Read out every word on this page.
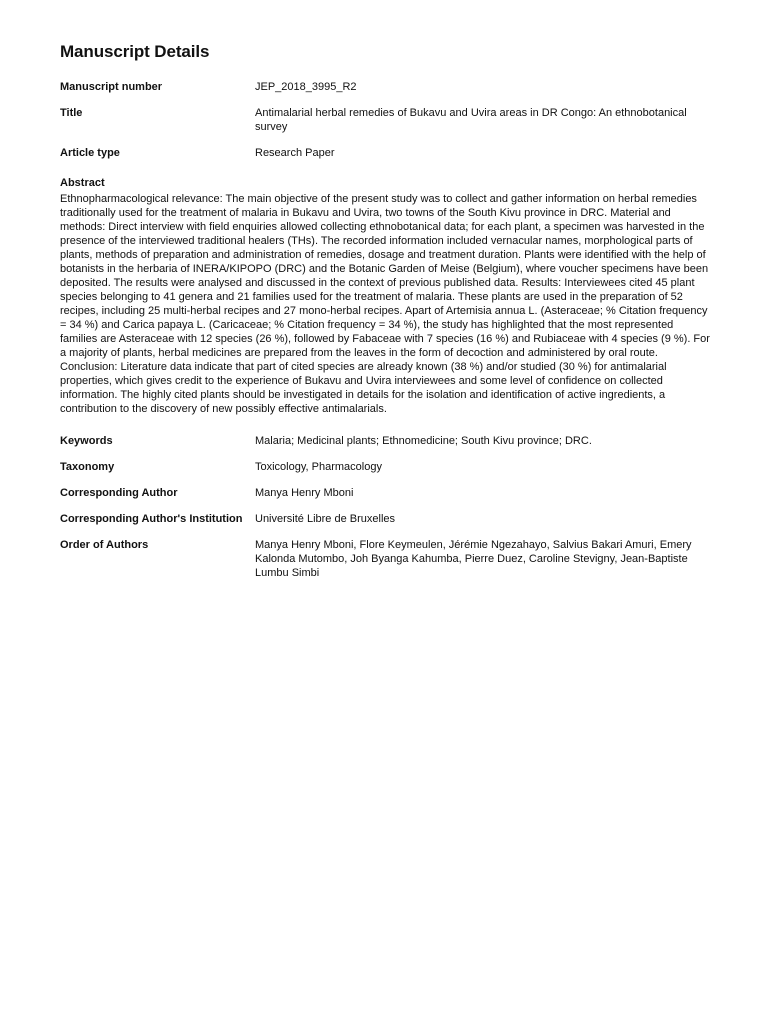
Manuscript Details
Manuscript number	JEP_2018_3995_R2
Title	Antimalarial herbal remedies of Bukavu and Uvira areas in DR Congo: An ethnobotanical survey
Article type	Research Paper
Abstract
Ethnopharmacological relevance: The main objective of the present study was to collect and gather information on herbal remedies traditionally used for the treatment of malaria in Bukavu and Uvira, two towns of the South Kivu province in DRC. Material and methods: Direct interview with field enquiries allowed collecting ethnobotanical data; for each plant, a specimen was harvested in the presence of the interviewed traditional healers (THs). The recorded information included vernacular names, morphological parts of plants, methods of preparation and administration of remedies, dosage and treatment duration. Plants were identified with the help of botanists in the herbaria of INERA/KIPOPO (DRC) and the Botanic Garden of Meise (Belgium), where voucher specimens have been deposited. The results were analysed and discussed in the context of previous published data. Results: Interviewees cited 45 plant species belonging to 41 genera and 21 families used for the treatment of malaria. These plants are used in the preparation of 52 recipes, including 25 multi-herbal recipes and 27 mono-herbal recipes. Apart of Artemisia annua L. (Asteraceae; % Citation frequency = 34 %) and Carica papaya L. (Caricaceae; % Citation frequency = 34 %), the study has highlighted that the most represented families are Asteraceae with 12 species (26 %), followed by Fabaceae with 7 species (16 %) and Rubiaceae with 4 species (9 %). For a majority of plants, herbal medicines are prepared from the leaves in the form of decoction and administered by oral route. Conclusion: Literature data indicate that part of cited species are already known (38 %) and/or studied (30 %) for antimalarial properties, which gives credit to the experience of Bukavu and Uvira interviewees and some level of confidence on collected information. The highly cited plants should be investigated in details for the isolation and identification of active ingredients, a contribution to the discovery of new possibly effective antimalarials.
Keywords	Malaria; Medicinal plants; Ethnomedicine; South Kivu province; DRC.
Taxonomy	Toxicology, Pharmacology
Corresponding Author	Manya Henry Mboni
Corresponding Author's Institution	Université Libre de Bruxelles
Order of Authors	Manya Henry Mboni, Flore Keymeulen, Jérémie Ngezahayo, Salvius Bakari Amuri, Emery Kalonda Mutombo, Joh Byanga Kahumba, Pierre Duez, Caroline Stevigny, Jean-Baptiste Lumbu Simbi
